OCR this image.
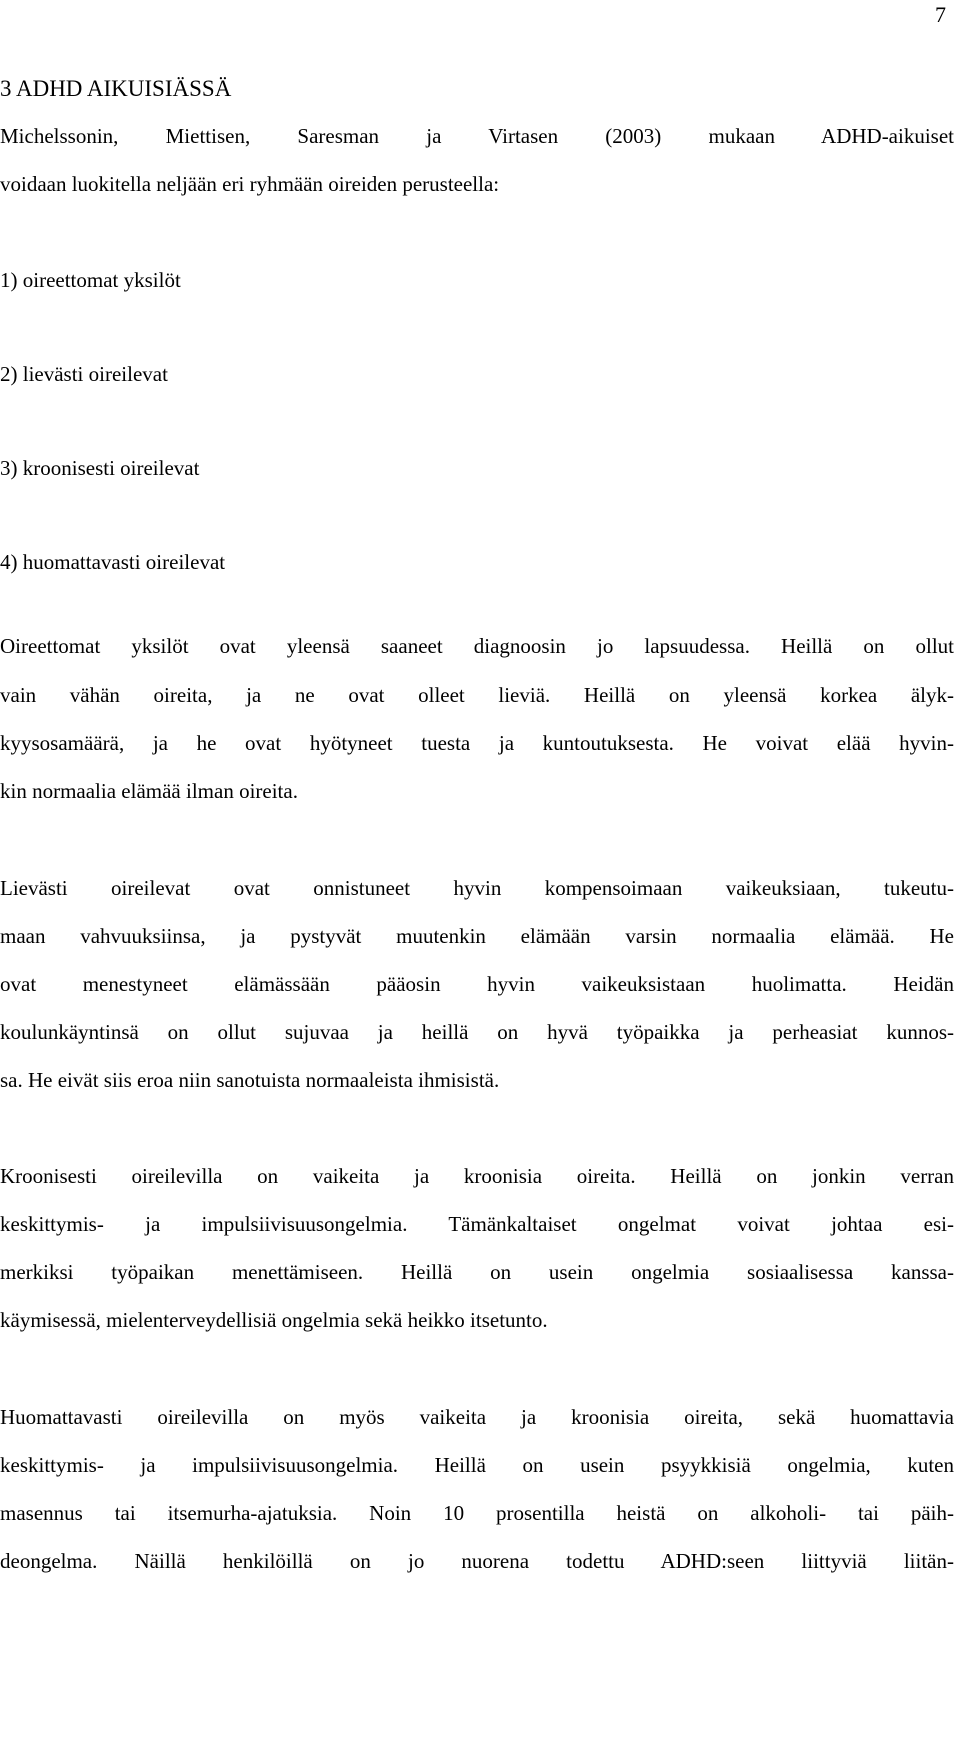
7
3 ADHD AIKUISIÄSSÄ
Michelssonin, Miettisen, Saresman ja Virtasen (2003) mukaan ADHD-aikuiset
voidaan luokitella neljään eri ryhmään oireiden perusteella:
1) oireettomat yksilöt
2) lievästi oireilevat
3) kroonisesti oireilevat
4) huomattavasti oireilevat
Oireettomat yksilöt ovat yleensä saaneet diagnoosin jo lapsuudessa. Heillä on ollut
vain vähän oireita, ja ne ovat olleet lieviä. Heillä on yleensä korkea älyk-
kyysosamäärä, ja he ovat hyötyneet tuesta ja kuntoutuksesta. He voivat elää hyvin-
kin normaalia elämää ilman oireita.
Lievästi oireilevat ovat onnistuneet hyvin kompensoimaan vaikeuksiaan, tukeutu-
maan vahvuuksiinsa, ja pystyvät muutenkin elämään varsin normaalia elämää. He
ovat menestyneet elämässään pääosin hyvin vaikeuksistaan huolimatta. Heidän
koulunkäyntinsä on ollut sujuvaa ja heillä on hyvä työpaikka ja perheasiat kunnos-
sa. He eivät siis eroa niin sanotuista normaaleista ihmisistä.
Kroonisesti oireilevilla on vaikeita ja kroonisia oireita. Heillä on jonkin verran
keskittymis- ja impulsiivisuusongelmia. Tämänkaltaiset ongelmat voivat johtaa esi-
merkiksi työpaikan menettämiseen. Heillä on usein ongelmia sosiaalisessa kanssa-
käymisessä, mielenterveydellisiä ongelmia sekä heikko itsetunto.
Huomattavasti oireilevilla on myös vaikeita ja kroonisia oireita, sekä huomattavia
keskittymis- ja impulsiivisuusongelmia. Heillä on usein psyykkisiä ongelmia, kuten
masennus tai itsemurha-ajatuksia. Noin 10 prosentilla heistä on alkoholi- tai päih-
deongelma. Näillä henkilöillä on jo nuorena todettu ADHD:seen liittyviä liitän-
